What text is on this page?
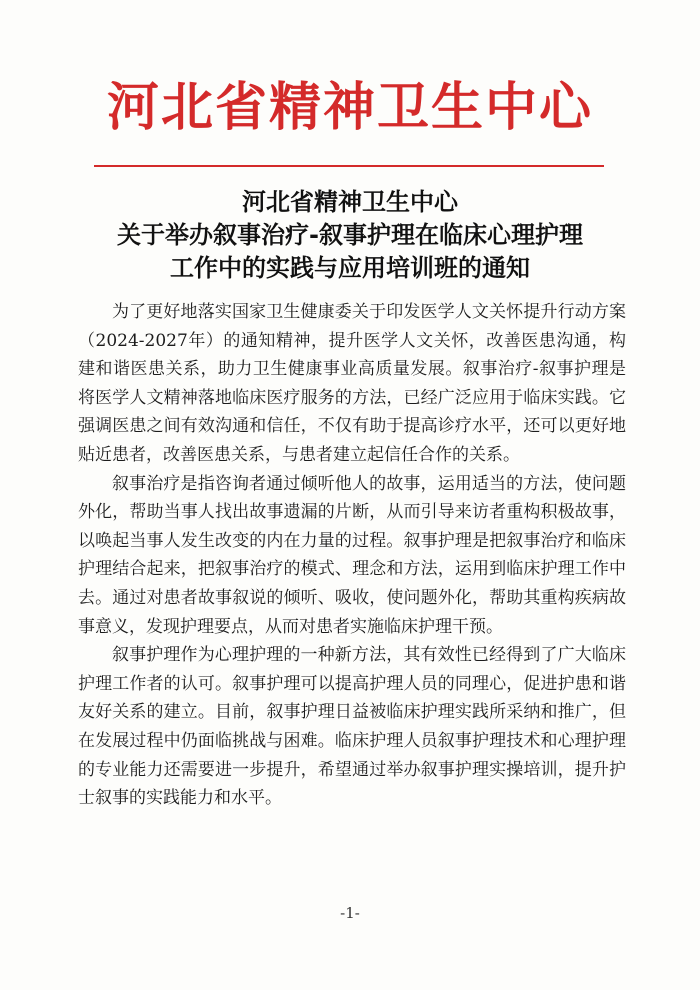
河北省精神卫生中心
河北省精神卫生中心
关于举办叙事治疗-叙事护理在临床心理护理
工作中的实践与应用培训班的通知

为了更好地落实国家卫生健康委关于印发医学人文关怀提升行动方案（2024-2027年）的通知精神，提升医学人文关怀，改善医患沟通，构建和谐医患关系，助力卫生健康事业高质量发展。叙事治疗-叙事护理是将医学人文精神落地临床医疗服务的方法，已经广泛应用于临床实践。它强调医患之间有效沟通和信任，不仅有助于提高诊疗水平，还可以更好地贴近患者，改善医患关系，与患者建立起信任合作的关系。

叙事治疗是指咨询者通过倾听他人的故事，运用适当的方法，使问题外化，帮助当事人找出故事遗漏的片断，从而引导来访者重构积极故事，以唤起当事人发生改变的内在力量的过程。叙事护理是把叙事治疗和临床护理结合起来，把叙事治疗的模式、理念和方法，运用到临床护理工作中去。通过对患者故事叙说的倾听、吸收，使问题外化，帮助其重构疾病故事意义，发现护理要点，从而对患者实施临床护理干预。

叙事护理作为心理护理的一种新方法，其有效性已经得到了广大临床护理工作者的认可。叙事护理可以提高护理人员的同理心，促进护患和谐友好关系的建立。目前，叙事护理日益被临床护理实践所采纳和推广，但在发展过程中仍面临挑战与困难。临床护理人员叙事护理技术和心理护理的专业能力还需要进一步提升，希望通过举办叙事护理实操培训，提升护士叙事的实践能力和水平。

-1-
